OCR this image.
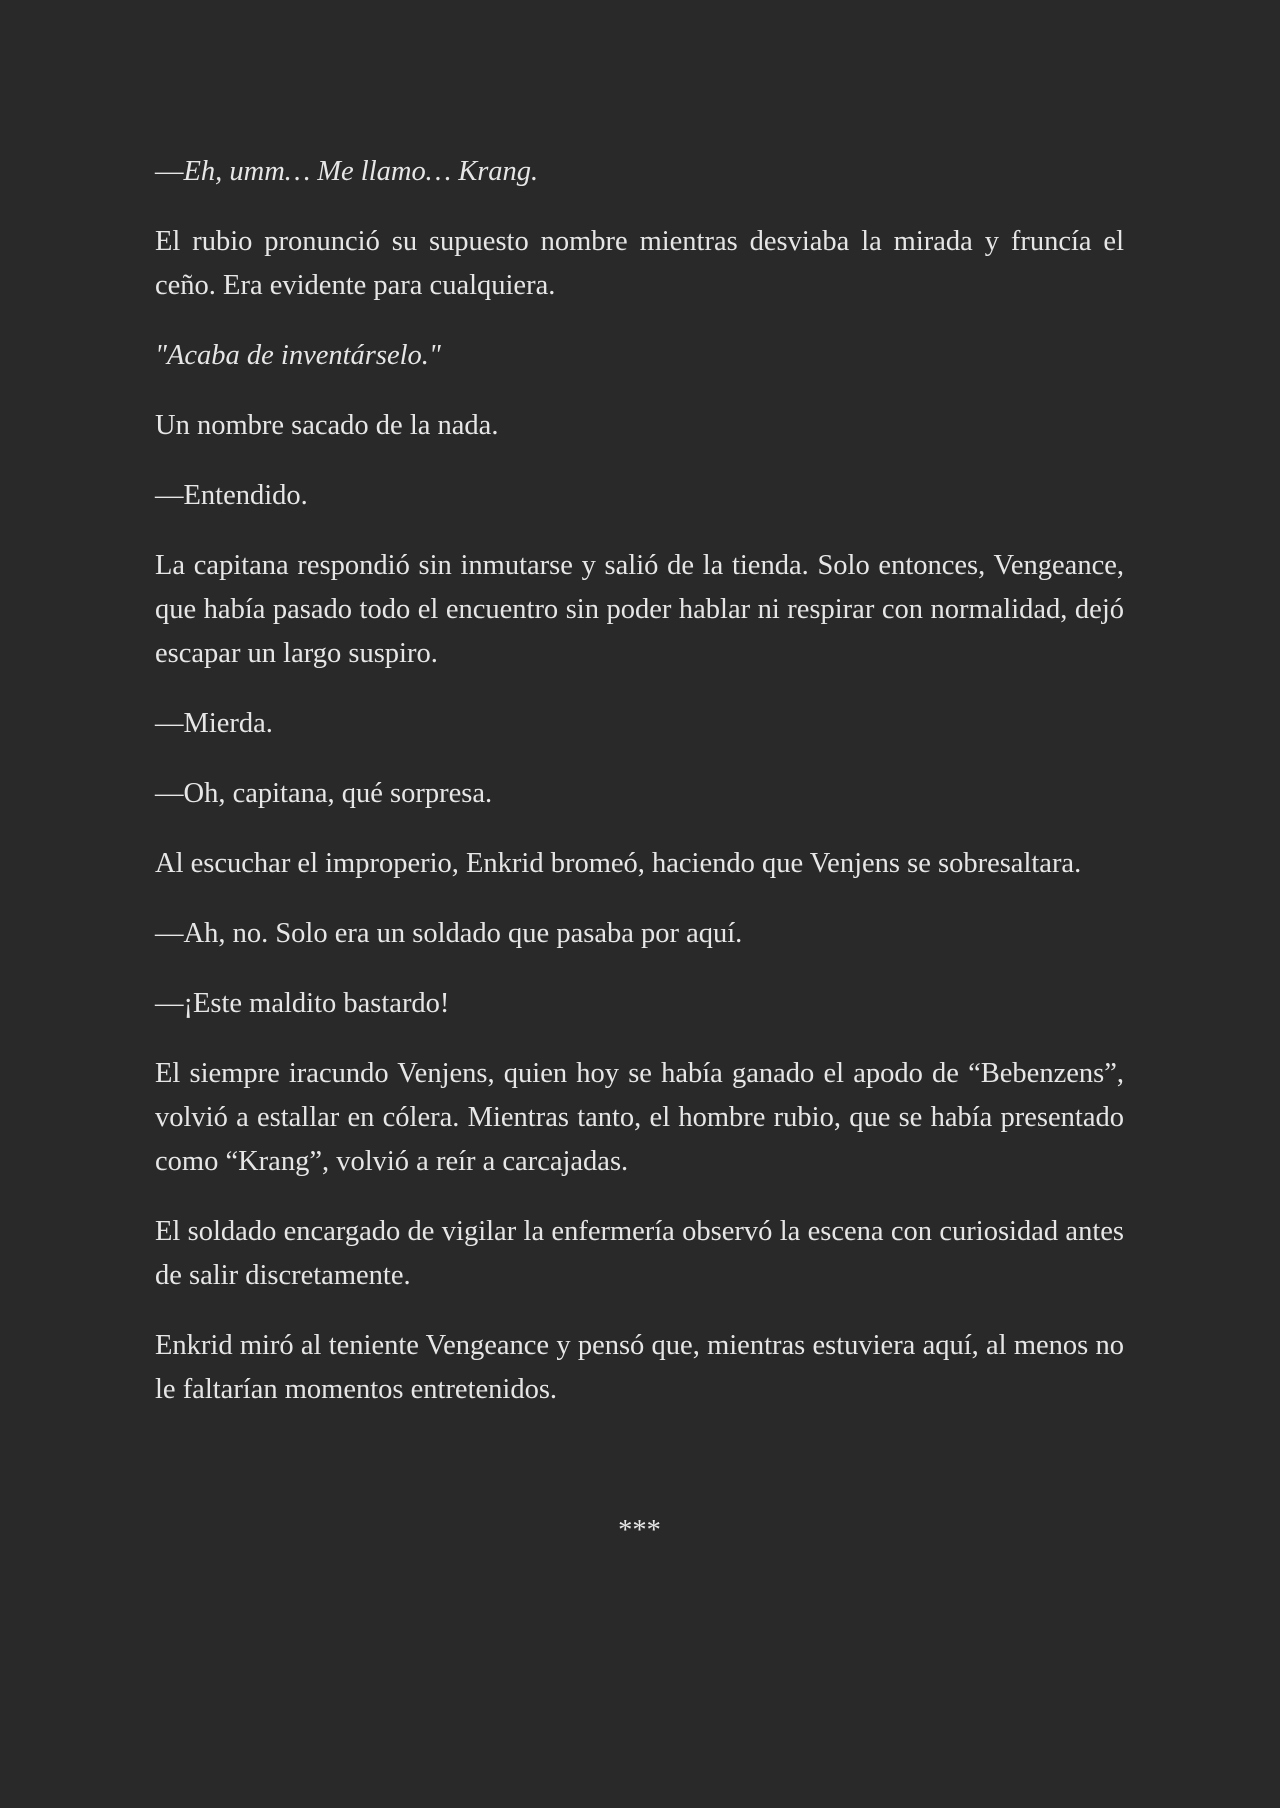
—Eh, umm… Me llamo… Krang.

El rubio pronunció su supuesto nombre mientras desviaba la mirada y fruncía el ceño. Era evidente para cualquiera.

"Acaba de inventárselo."

Un nombre sacado de la nada.

—Entendido.

La capitana respondió sin inmutarse y salió de la tienda. Solo entonces, Vengeance, que había pasado todo el encuentro sin poder hablar ni respirar con normalidad, dejó escapar un largo suspiro.

—Mierda.

—Oh, capitana, qué sorpresa.

Al escuchar el improperio, Enkrid bromeó, haciendo que Venjens se sobresaltara.

—Ah, no. Solo era un soldado que pasaba por aquí.

—¡Este maldito bastardo!

El siempre iracundo Venjens, quien hoy se había ganado el apodo de “Bebenzens”, volvió a estallar en cólera. Mientras tanto, el hombre rubio, que se había presentado como “Krang”, volvió a reír a carcajadas.

El soldado encargado de vigilar la enfermería observó la escena con curiosidad antes de salir discretamente.

Enkrid miró al teniente Vengeance y pensó que, mientras estuviera aquí, al menos no le faltarían momentos entretenidos.

***
